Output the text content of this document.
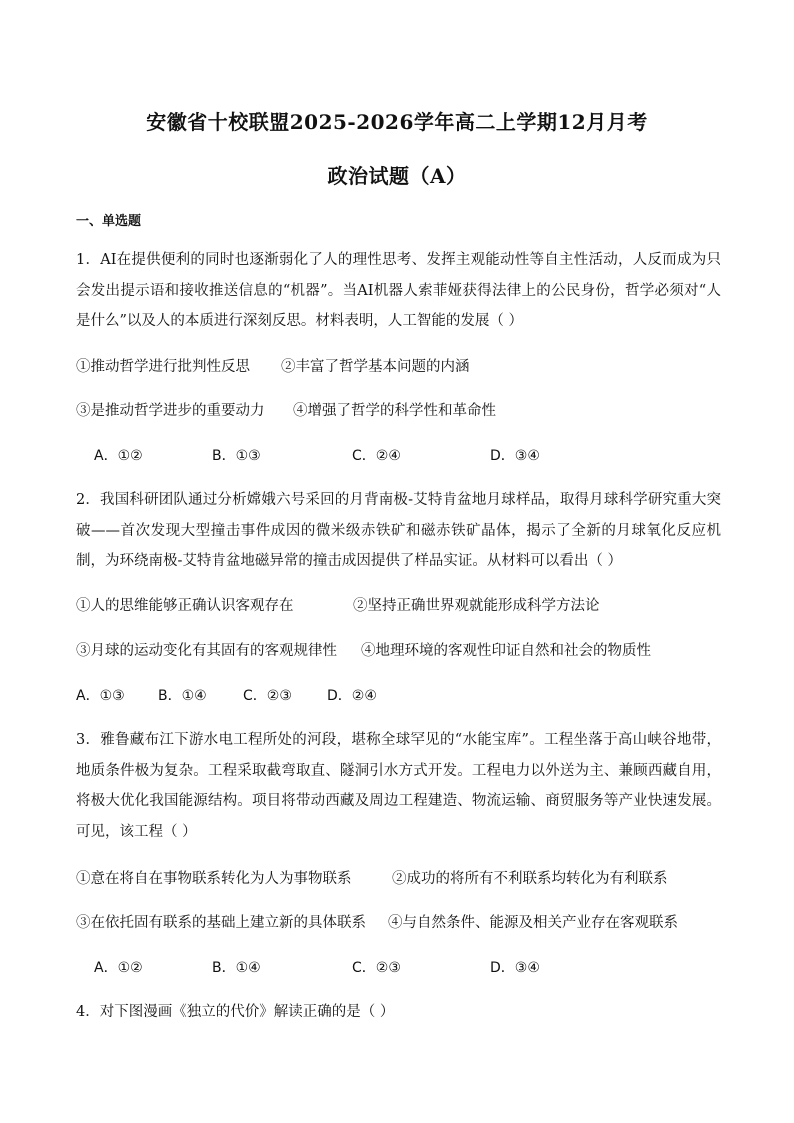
安徽省十校联盟2025-2026学年高二上学期12月月考
政治试题（A）
一、单选题
1．AI在提供便利的同时也逐渐弱化了人的理性思考、发挥主观能动性等自主性活动，人反而成为只会发出提示语和接收推送信息的“机器”。当AI机器人索菲娅获得法律上的公民身份，哲学必须对“人是什么”以及人的本质进行深刻反思。材料表明，人工智能的发展（ ）
①推动哲学进行批判性反思 ②丰富了哲学基本问题的内涵
③是推动哲学进步的重要动力 ④增强了哲学的科学性和革命性
A．①②	B．①③	C．②④	D．③④
2．我国科研团队通过分析嫦娥六号采回的月背南极-艾特肯盆地月球样品，取得月球科学研究重大突破——首次发现大型撞击事件成因的微米级赤铁矿和磁赤铁矿晶体，揭示了全新的月球氧化反应机制，为环绕南极-艾特肯盆地磁异常的撞击成因提供了样品实证。从材料可以看出（ ）
①人的思维能够正确认识客观存在	②坚持正确世界观就能形成科学方法论
③月球的运动变化有其固有的客观规律性 ④地理环境的客观性印证自然和社会的物质性
A．①③ B．①④	C．②③	D．②④
3．雅鲁藏布江下游水电工程所处的河段，堪称全球罕见的“水能宝库”。工程坐落于高山峡谷地带，地质条件极为复杂。工程采取截弯取直、隧洞引水方式开发。工程电力以外送为主、兼顾西藏自用，将极大优化我国能源结构。项目将带动西藏及周边工程建造、物流运输、商贸服务等产业快速发展。可见，该工程（ ）
①意在将自在事物联系转化为人为事物联系	②成功的将所有不利联系均转化为有利联系
③在依托固有联系的基础上建立新的具体联系 ④与自然条件、能源及相关产业存在客观联系
A．①②	B．①④	C．②③	D．③④
4．对下图漫画《独立的代价》解读正确的是（ ）
